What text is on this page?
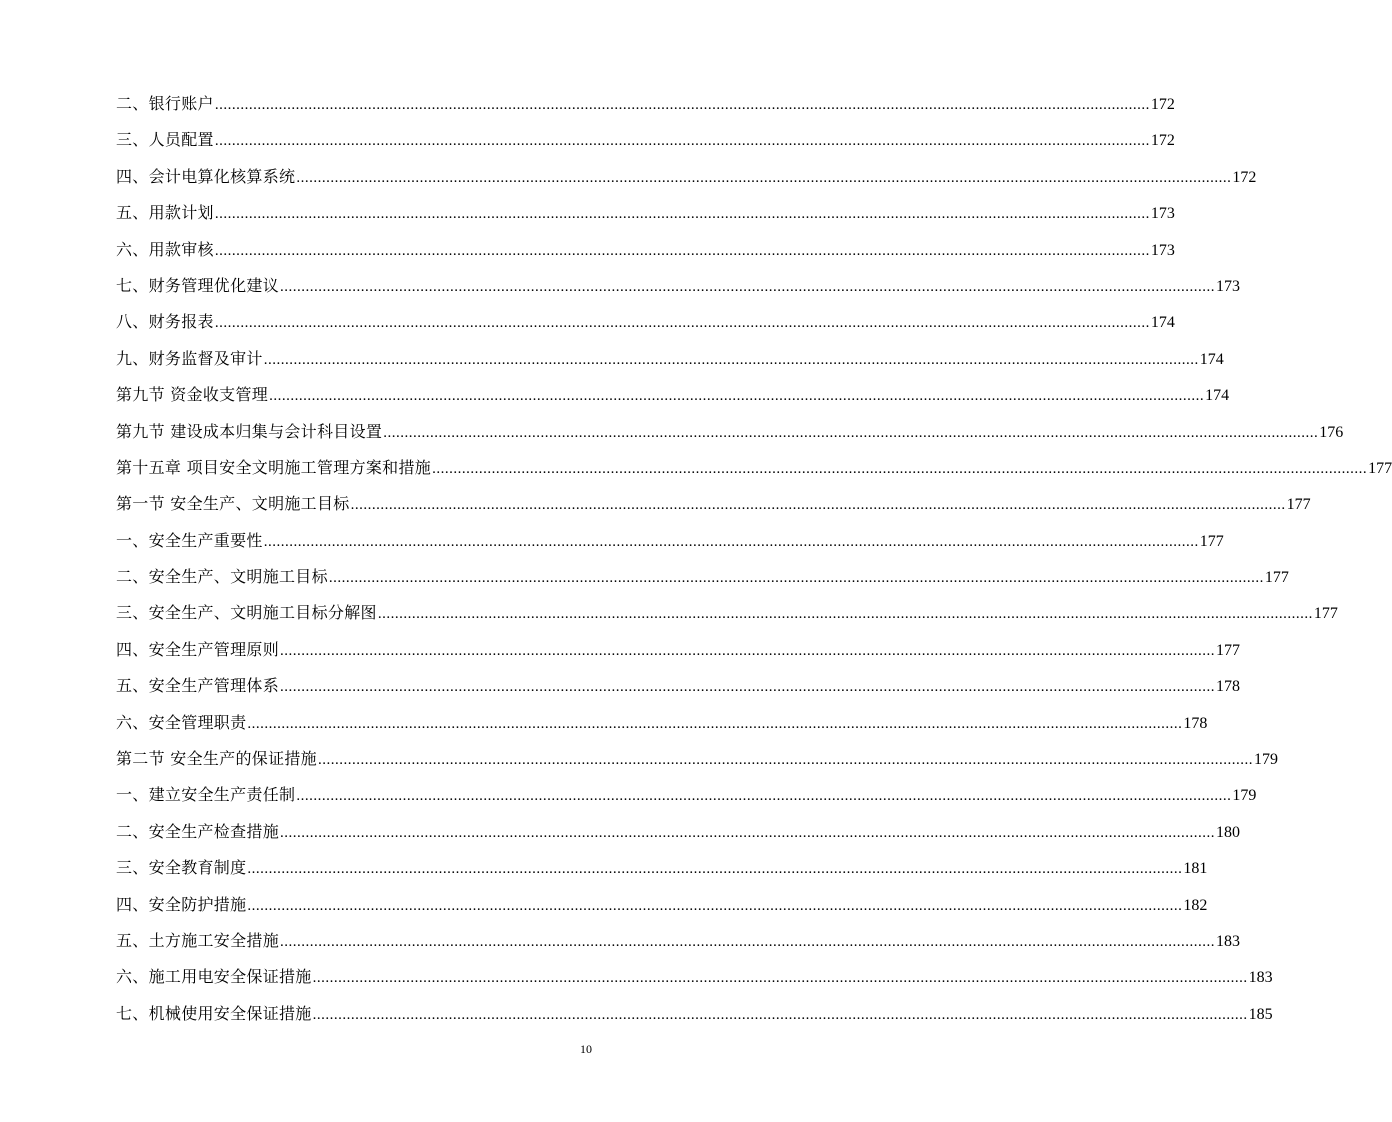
二、银行账户 ............................................................................................................................................................................................................................ 172
三、人员配置 ............................................................................................................................................................................................................................ 172
四、会计电算化核算系统 ............................................................................................................................................................................................................................ 172
五、用款计划 ............................................................................................................................................................................................................................ 173
六、用款审核 ............................................................................................................................................................................................................................ 173
七、财务管理优化建议 ............................................................................................................................................................................................................................ 173
八、财务报表 ............................................................................................................................................................................................................................ 174
九、财务监督及审计 ............................................................................................................................................................................................................................ 174
第九节 资金收支管理 ............................................................................................................................................................................................................................ 174
第九节 建设成本归集与会计科目设置 ............................................................................................................................................................................................................................ 176
第十五章 项目安全文明施工管理方案和措施 ............................................................................................................................................................................................................................ 177
第一节 安全生产、文明施工目标 ............................................................................................................................................................................................................................ 177
一、安全生产重要性 ............................................................................................................................................................................................................................ 177
二、安全生产、文明施工目标 ............................................................................................................................................................................................................................ 177
三、安全生产、文明施工目标分解图 ............................................................................................................................................................................................................................ 177
四、安全生产管理原则 ............................................................................................................................................................................................................................ 177
五、安全生产管理体系 ............................................................................................................................................................................................................................ 178
六、安全管理职责 ............................................................................................................................................................................................................................ 178
第二节 安全生产的保证措施 ............................................................................................................................................................................................................................ 179
一、建立安全生产责任制 ............................................................................................................................................................................................................................ 179
二、安全生产检查措施 ............................................................................................................................................................................................................................ 180
三、安全教育制度 ............................................................................................................................................................................................................................ 181
四、安全防护措施 ............................................................................................................................................................................................................................ 182
五、土方施工安全措施 ............................................................................................................................................................................................................................ 183
六、施工用电安全保证措施 ............................................................................................................................................................................................................................ 183
七、机械使用安全保证措施 ............................................................................................................................................................................................................................ 185
10
